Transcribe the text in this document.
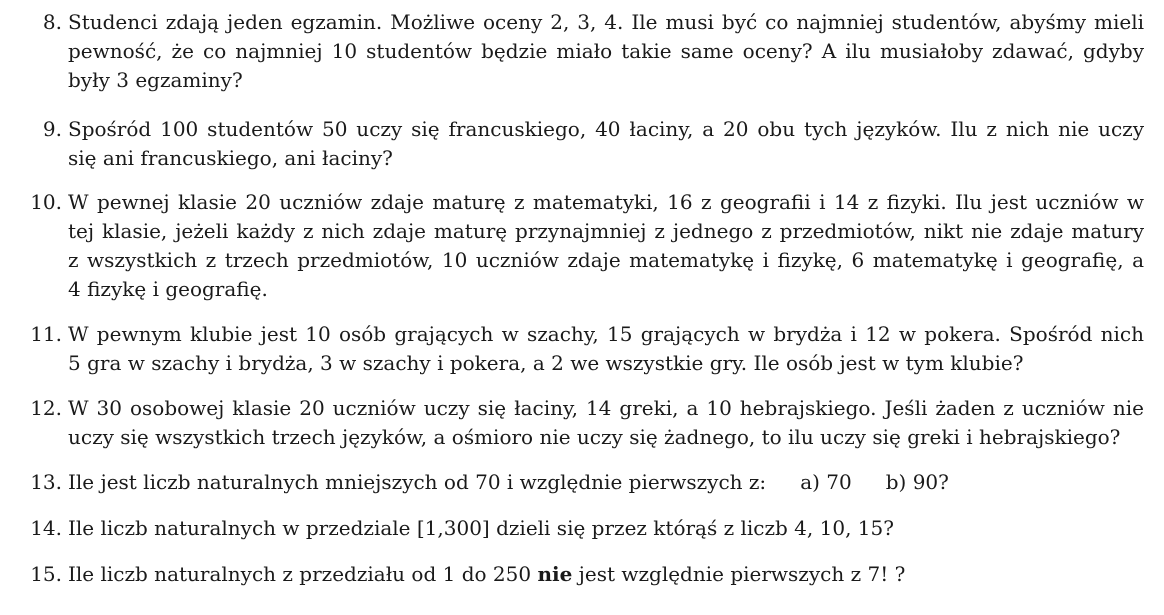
8. Studenci zdają jeden egzamin. Możliwe oceny 2, 3, 4. Ile musi być co najmniej studentów, abyśmy mieli
pewność, że co najmniej 10 studentów będzie miało takie same oceny? A ilu musiałoby zdawać, gdyby
były 3 egzaminy?
9. Spośród 100 studentów 50 uczy się francuskiego, 40 łaciny, a 20 obu tych języków. Ilu z nich nie uczy
się ani francuskiego, ani łaciny?
10. W pewnej klasie 20 uczniów zdaje maturę z matematyki, 16 z geografii i 14 z fizyki. Ilu jest uczniów w
tej klasie, jeżeli każdy z nich zdaje maturę przynajmniej z jednego z przedmiotów, nikt nie zdaje matury
z wszystkich z trzech przedmiotów, 10 uczniów zdaje matematykę i fizykę, 6 matematykę i geografię, a
4 fizykę i geografię.
11. W pewnym klubie jest 10 osób grających w szachy, 15 grających w brydża i 12 w pokera. Spośród nich
5 gra w szachy i brydża, 3 w szachy i pokera, a 2 we wszystkie gry. Ile osób jest w tym klubie?
12. W 30 osobowej klasie 20 uczniów uczy się łaciny, 14 greki, a 10 hebrajskiego. Jeśli żaden z uczniów nie
uczy się wszystkich trzech języków, a ośmioro nie uczy się żadnego, to ilu uczy się greki i hebrajskiego?
13. Ile jest liczb naturalnych mniejszych od 70 i względnie pierwszych z: a) 70 b) 90?
14. Ile liczb naturalnych w przedziale [1,300] dzieli się przez którąś z liczb 4, 10, 15?
15. Ile liczb naturalnych z przedziału od 1 do 250 nie jest względnie pierwszych z 7! ?
